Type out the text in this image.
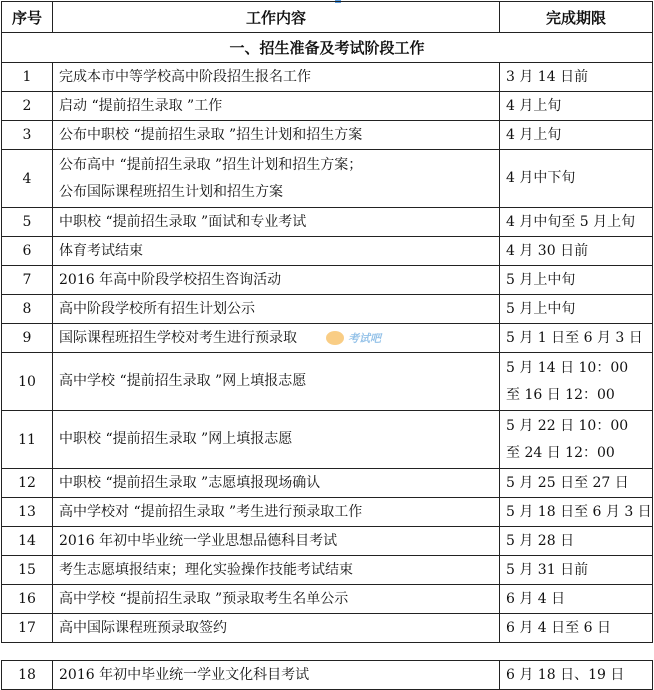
序号	工作内容	完成期限
一、招生准备及考试阶段工作		
1	完成本市中等学校高中阶段招生报名工作	3 月 14 日前

2	启动 “提前招生录取 ”工作	4 月上旬

3	公布中职校 “提前招生录取 ”招生计划和招生方案	4 月上旬

4	公布高中 “提前招生录取 ”招生计划和招生方案；
公布国际课程班招生计划和招生方案	4 月中下旬

5	中职校 “提前招生录取 ”面试和专业考试	4 月中旬至 5 月上旬

6	体育考试结束	4 月 30 日前

7	2016 年高中阶段学校招生咨询活动	5 月上中旬

8	高中阶段学校所有招生计划公示	5 月上中旬

9	国际课程班招生学校对考生进行预录取	5 月 1 日至 6 月 3 日

10	高中学校 “提前招生录取 ”网上填报志愿	5 月 14 日 10：00
至 16 日 12：00

11	中职校 “提前招生录取 ”网上填报志愿	5 月 22 日 10：00
至 24 日 12：00

12	中职校 “提前招生录取 ”志愿填报现场确认	5 月 25 日至 27 日

13	高中学校对 “提前招生录取 ”考生进行预录取工作	5 月 18 日至 6 月 3 日

14	2016 年初中毕业统一学业思想品德科目考试	5 月 28 日

15	考生志愿填报结束；理化实验操作技能考试结束	5 月 31 日前

16	高中学校 “提前招生录取 ”预录取考生名单公示	6 月 4 日

17	高中国际课程班预录取签约	6 月 4 日至 6 日
18	2016 年初中毕业统一学业文化科目考试	6 月 18 日、19 日
考试吧
